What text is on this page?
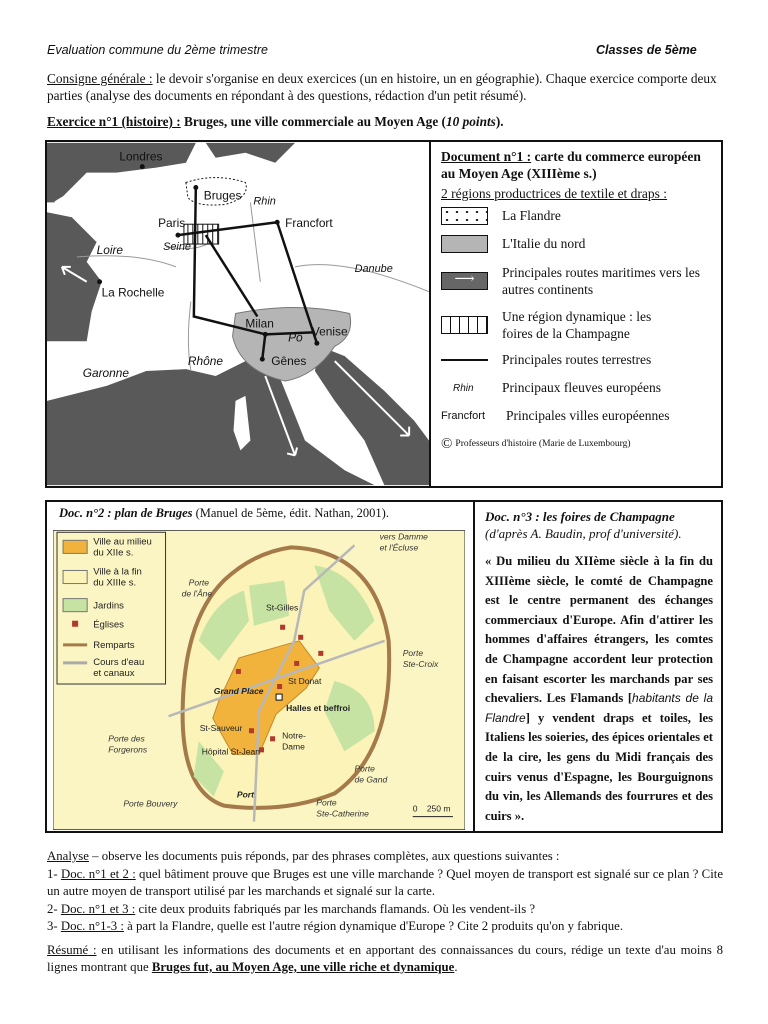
Evaluation commune du 2ème trimestre	Classes de 5ème
Consigne générale : le devoir s'organise en deux exercices (un en histoire, un en géographie). Chaque exercice comporte deux parties (analyse des documents en répondant à des questions, rédaction d'un petit résumé).
Exercice n°1 (histoire) : Bruges, une ville commerciale au Moyen Age (10 points).
Londres
Bruges Rhin
Paris
Seine
Francfort
Loire
Danube
La Rochelle
Milan
Pô Venise
Gênes
Rhône
Garonne
Document n°1 : carte du commerce européen au Moyen Age (XIIIème s.)
2 régions productrices de textile et draps :
La Flandre
L'Italie du nord
⟶	Principales routes maritimes vers les autres continents
Une région dynamique : les foires de la Champagne
Principales routes terrestres
Rhin	Principaux fleuves européens
Francfort	Principales villes européennes
© Professeurs d'histoire (Marie de Luxembourg)
Doc. n°2 : plan de Bruges (Manuel de 5ème, édit. Nathan, 2001).
Ville au milieu
du XIIe s.
Ville à la fin
du XIIIe s.
Jardins
Églises
Remparts
Cours d'eau
et canaux
vers Damme
et l'Écluse
Porte
de l'Âne
Porte
Ste-Croix
Porte des
Forgerons
Porte
de Gand
Porte Bouvery	Porte
Ste-Catherine
St-Gilles
Grand Place
St Donat
Halles et beffroi
St-Sauveur
Notre-
Dame
Hôpital St-Jean
Port
0 250 m
Doc. n°3 : les foires de Champagne
(d'après A. Baudin, prof d'université).
« Du milieu du XIIème siècle à la fin du XIIIème siècle, le comté de Champagne est le centre permanent des échanges commerciaux d'Europe. Afin d'attirer les hommes d'affaires étrangers, les comtes de Champagne accordent leur protection en faisant escorter les marchands par ses chevaliers. Les Flamands [habitants de la Flandre] y vendent draps et toiles, les Italiens les soieries, des épices orientales et de la cire, les gens du Midi français des cuirs venus d'Espagne, les Bourguignons du vin, les Allemands des fourrures et des cuirs ».
Analyse – observe les documents puis réponds, par des phrases complètes, aux questions suivantes :
1- Doc. n°1 et 2 : quel bâtiment prouve que Bruges est une ville marchande ? Quel moyen de transport est signalé sur ce plan ? Cite un autre moyen de transport utilisé par les marchands et signalé sur la carte.
2- Doc. n°1 et 3 : cite deux produits fabriqués par les marchands flamands. Où les vendent-ils ?
3- Doc. n°1-3 : à part la Flandre, quelle est l'autre région dynamique d'Europe ? Cite 2 produits qu'on y fabrique.
Résumé : en utilisant les informations des documents et en apportant des connaissances du cours, rédige un texte d'au moins 8 lignes montrant que Bruges fut, au Moyen Age, une ville riche et dynamique.
